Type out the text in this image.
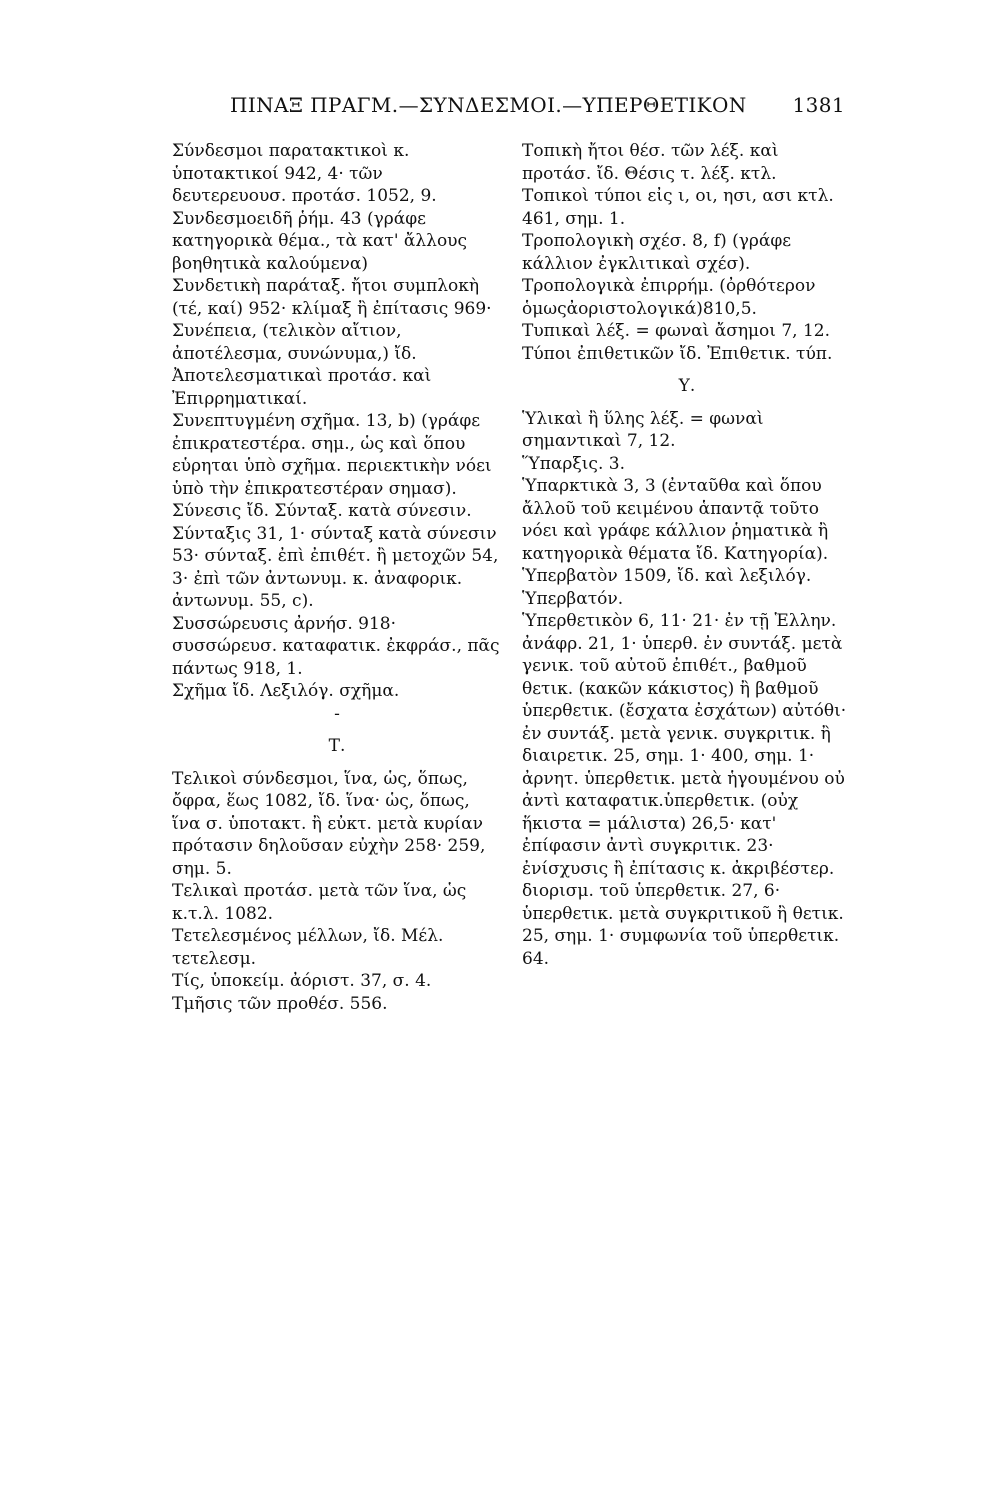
ΠΙΝΑΞ ΠΡΑΓΜ.—ΣΥΝΔΕΣΜΟΙ.—ΥΠΕΡΘΕΤΙΚΟΝ 1381

Σύνδεσμοι παρατακτικοὶ κ. ὑποτακτικοί 942, 4· τῶν δευτερευουσ. προτάσ. 1052, 9.

Συνδεσμοειδῆ ῥήμ. 43 (γράφε κατηγορικὰ θέμα., τὰ κατ' ἄλλους βοηθητικὰ καλούμενα)

Συνδετικὴ παράταξ. ἤτοι συμπλοκὴ (τέ, καί) 952· κλίμαξ ἢ ἐπίτασις 969·

Συνέπεια, (τελικὸν αἴτιον, ἀποτέλεσμα, συνώνυμα,) ἴδ. Ἀποτελεσματικαὶ προτάσ. καὶ Ἐπιρρηματικαί.

Συνεπτυγμένη σχῆμα. 13, b) (γράφε ἐπικρατεστέρα. σημ., ὡς καὶ ὅπου εὑρηται ὑπὸ σχῆμα. περιεκτικὴν νόει ὑπὸ τὴν ἐπικρατεστέραν σημασ).

Σύνεσις ἴδ. Σύνταξ. κατὰ σύνεσιν.

Σύνταξις 31, 1· σύνταξ κατὰ σύνεσιν 53· σύνταξ. ἐπὶ ἐπιθέτ. ἢ μετοχῶν 54, 3· ἐπὶ τῶν ἀντωνυμ. κ. ἀναφορικ. ἀντωνυμ. 55, c).

Συσσώρευσις ἀρνήσ. 918· συσσώρευσ. καταφατικ. ἐκφράσ., πᾶς πάντως 918, 1.

Σχῆμα ἴδ. Λεξιλόγ. σχῆμα.

-

Τ.

Τελικοὶ σύνδεσμοι, ἵνα, ὡς, ὅπως, ὄφρα, ἕως 1082, ἴδ. ἵνα· ὡς, ὅπως, ἵνα σ. ὑποτακτ. ἢ εὐκτ. μετὰ κυρίαν πρότασιν δηλοῦσαν εὐχὴν 258· 259, σημ. 5.

Τελικαὶ προτάσ. μετὰ τῶν ἵνα, ὡς κ.τ.λ. 1082.

Τετελεσμένος μέλλων, ἴδ. Μέλ. τετελεσμ.

Τίς, ὑποκείμ. ἀόριστ. 37, σ. 4.

Τμῆσις τῶν προθέσ. 556.

Τοπικὴ ἤτοι θέσ. τῶν λέξ. καὶ προτάσ. ἴδ. Θέσις τ. λέξ. κτλ.

Τοπικοὶ τύποι εἰς ι, οι, ησι, ασι κτλ. 461, σημ. 1.

Τροπολογικὴ σχέσ. 8, f) (γράφε κάλλιον ἐγκλιτικαὶ σχέσ).

Τροπολογικὰ ἐπιρρήμ. (ὀρθότερον ὁμωςἀοριστολογικά)810,5.

Τυπικαὶ λέξ. = φωναὶ ἄσημοι 7, 12.

Τύποι ἐπιθετικῶν ἴδ. Ἐπιθετικ. τύπ.

Υ.

Ὑλικαὶ ἢ ὕλης λέξ. = φωναὶ σημαντικαὶ 7, 12.

Ὕπαρξις. 3.

Ὑπαρκτικὰ 3, 3 (ἐνταῦθα καὶ ὅπου ἄλλοῦ τοῦ κειμένου ἁπαντᾷ τοῦτο νόει καὶ γράφε κάλλιον ῥηματικὰ ἢ κατηγορικὰ θέματα ἴδ. Κατηγορία).

Ὑπερβατὸν 1509, ἴδ. καὶ λεξιλόγ. Ὑπερβατόν.

Ὑπερθετικὸν 6, 11· 21· ἐν τῇ Ἑλλην. ἀνάφρ. 21, 1· ὑπερθ. ἐν συντάξ. μετὰ γενικ. τοῦ αὐτοῦ ἐπιθέτ., βαθμοῦ θετικ. (κακῶν κάκιστος) ἢ βαθμοῦ ὑπερθετικ. (ἔσχατα ἐσχάτων) αὐτόθι· ἐν συντάξ. μετὰ γενικ. συγκριτικ. ἢ διαιρετικ. 25, σημ. 1· 400, σημ. 1· ἀρνητ. ὑπερθετικ. μετὰ ἡγουμένου οὐ ἀντὶ καταφατικ.ὑπερθετικ. (οὐχ ἥκιστα = μάλιστα) 26,5· κατ' ἐπίφασιν ἀντὶ συγκριτικ. 23· ἐνίσχυσις ἢ ἐπίτασις κ. ἀκριβέστερ. διορισμ. τοῦ ὑπερθετικ. 27, 6· ὑπερθετικ. μετὰ συγκριτικοῦ ἢ θετικ. 25, σημ. 1· συμφωνία τοῦ ὑπερθετικ. 64.
